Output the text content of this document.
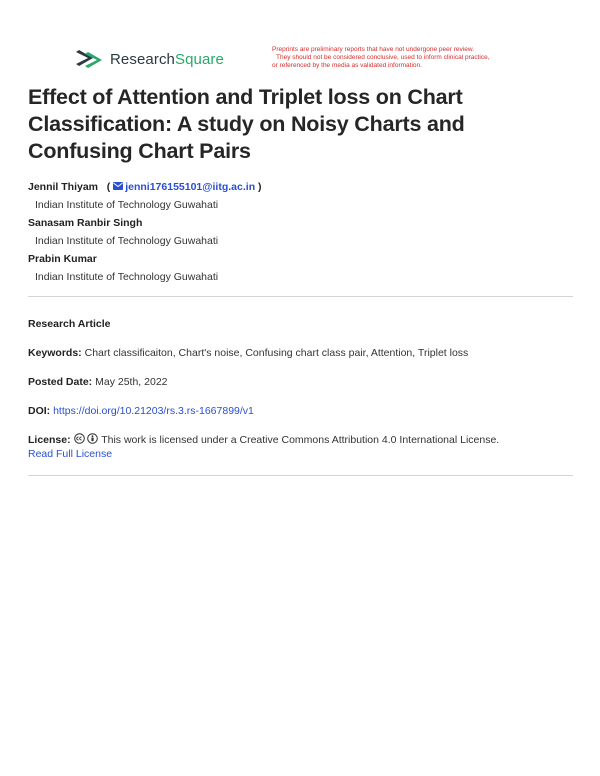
ResearchSquare
Preprints are preliminary reports that have not undergone peer review.
They should not be considered conclusive, used to inform clinical practice,
or referenced by the media as validated information.
Effect of Attention and Triplet loss on Chart Classification: A study on Noisy Charts and Confusing Chart Pairs
Jennil Thiyam ( jenni176155101@iitg.ac.in )
Indian Institute of Technology Guwahati
Sanasam Ranbir Singh
Indian Institute of Technology Guwahati
Prabin Kumar
Indian Institute of Technology Guwahati
Research Article
Keywords: Chart classificaiton, Chart's noise, Confusing chart class pair, Attention, Triplet loss
Posted Date: May 25th, 2022
DOI: https://doi.org/10.21203/rs.3.rs-1667899/v1
License:	This work is licensed under a Creative Commons Attribution 4.0 International License.
Read Full License
